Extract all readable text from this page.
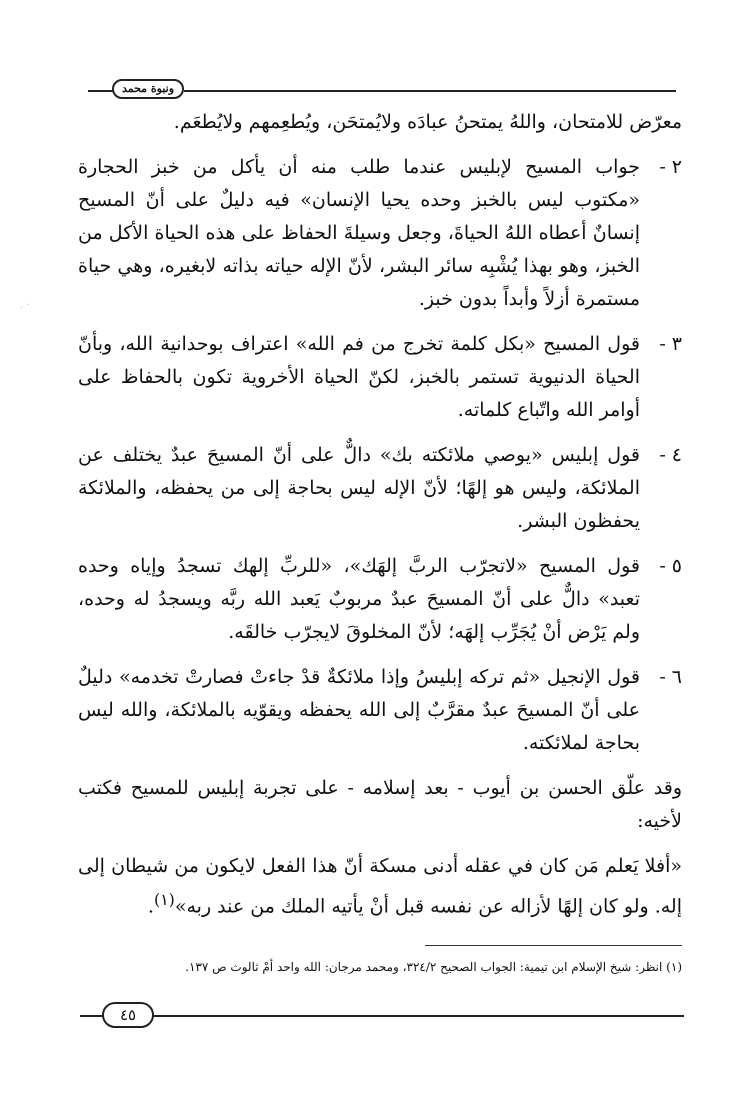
ونبوة محمد
. ·

معرّض للامتحان، واللهُ يمتحنُ عبادَه ولايُمتحَن، ويُطعِمهم ولايُطعَم.

٢ -
جواب المسيح لإبليس عندما طلب منه أن يأكل من خبز الحجارة «مكتوب ليس بالخبز وحده يحيا الإنسان» فيه دليلٌ على أنّ المسيح إنسانٌ أعطاه اللهُ الحياةَ، وجعل وسيلةَ الحفاظ على هذه الحياة الأكل من الخبز، وهو بهذا يُشْبِه سائر البشر، لأنّ الإله حياته بذاته لابغيره، وهي حياة مستمرة أزلاً وأبداً بدون خبز.
٣ -
قول المسيح «بكل كلمة تخرج من فم الله» اعتراف بوحدانية الله، وبأنّ الحياة الدنيوية تستمر بالخبز، لكنّ الحياة الأخروية تكون بالحفاظ على أوامر الله واتّباع كلماته.
٤ -
قول إبليس «يوصي ملائكته بك» دالٌّ على أنّ المسيحَ عبدٌ يختلف عن الملائكة، وليس هو إلهًا؛ لأنّ الإله ليس بحاجة إلى من يحفظه، والملائكة يحفظون البشر.
٥ -
قول المسيح «لاتجرّب الربَّ إلهَك»، «للربِّ إلهك تسجدُ وإياه وحده تعبد» دالٌّ على أنّ المسيحَ عبدٌ مربوبٌ يَعبد الله ربَّه ويسجدُ له وحده، ولم يَرْض أنْ يُجَرِّب إلهَه؛ لأنّ المخلوقَ لايجرّب خالقَه.
٦ -
قول الإنجيل «ثم تركه إبليسُ وإذا ملائكةٌ قدْ جاءتْ فصارتْ تخدمه» دليلٌ على أنّ المسيحَ عبدٌ مقرَّبٌ إلى الله يحفظه ويقوّيه بالملائكة، والله ليس بحاجة لملائكته.

وقد علّق الحسن بن أيوب - بعد إسلامه - على تجربة إبليس للمسيح فكتب لأخيه:

«أفلا يَعلم مَن كان في عقله أدنى مسكة أنّ هذا الفعل لايكون من شيطان إلى إله. ولو كان إلهًا لأزاله عن نفسه قبل أنْ يأتيه الملك من عند ربه»$^{(١)}$.

(١) انظر: شيخ الإسلام ابن تيمية: الجواب الصحيح ٣٢٤/٢، ومحمد مرجان: الله واحد أمْ ثالوث ص ١٣٧.
٤٥
